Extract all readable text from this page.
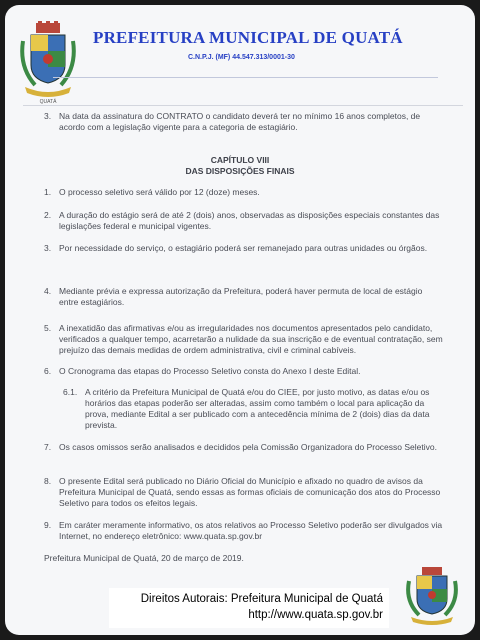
QUATÁ
PREFEITURA MUNICIPAL DE QUATÁ
C.N.P.J. (MF) 44.547.313/0001-30
3. Na data da assinatura do CONTRATO o candidato deverá ter no mínimo 16 anos completos, de acordo com a legislação vigente para a categoria de estagiário.
CAPÍTULO VIII
DAS DISPOSIÇÕES FINAIS
1. O processo seletivo será válido por 12 (doze) meses.
2. A duração do estágio será de até 2 (dois) anos, observadas as disposições especiais constantes das legislações federal e municipal vigentes.
3. Por necessidade do serviço, o estagiário poderá ser remanejado para outras unidades ou órgãos.
4. Mediante prévia e expressa autorização da Prefeitura, poderá haver permuta de local de estágio entre estagiários.
5. A inexatidão das afirmativas e/ou as irregularidades nos documentos apresentados pelo candidato, verificados a qualquer tempo, acarretarão a nulidade da sua inscrição e de eventual contratação, sem prejuízo das demais medidas de ordem administrativa, civil e criminal cabíveis.
6. O Cronograma das etapas do Processo Seletivo consta do Anexo I deste Edital.
6.1. A critério da Prefeitura Municipal de Quatá e/ou do CIEE, por justo motivo, as datas e/ou os horários das etapas poderão ser alteradas, assim como também o local para aplicação da prova, mediante Edital a ser publicado com a antecedência mínima de 2 (dois) dias da data prevista.
7. Os casos omissos serão analisados e decididos pela Comissão Organizadora do Processo Seletivo.
8. O presente Edital será publicado no Diário Oficial do Município e afixado no quadro de avisos da Prefeitura Municipal de Quatá, sendo essas as formas oficiais de comunicação dos atos do Processo Seletivo para todos os efeitos legais.
9. Em caráter meramente informativo, os atos relativos ao Processo Seletivo poderão ser divulgados via Internet, no endereço eletrônico: www.quata.sp.gov.br
Prefeitura Municipal de Quatá, 20 de março de 2019.
Direitos Autorais: Prefeitura Municipal de Quatá
http://www.quata.sp.gov.br
